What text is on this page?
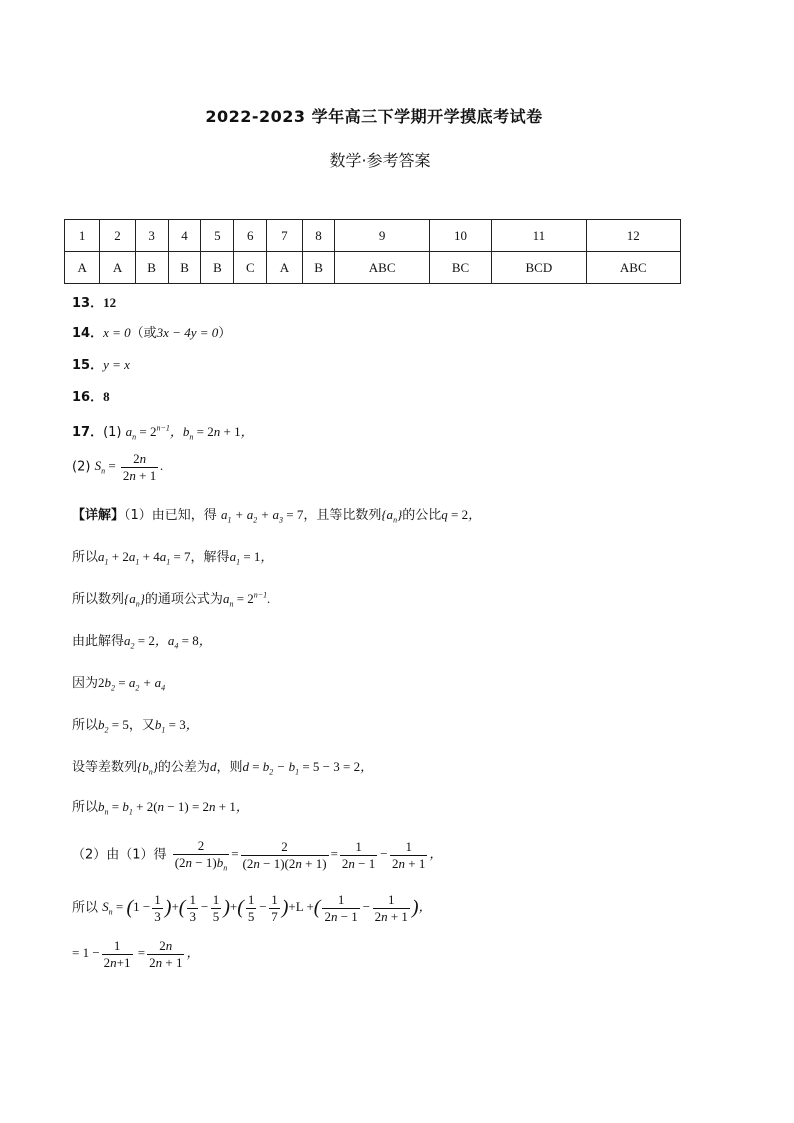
2022-2023 学年高三下学期开学摸底考试卷
数学·参考答案
1	2	3	4	5	6	7	8	9	10	11	12
A	A	B	B	B	C	A	B	ABC	BC	BCD	ABC
13．12
14．x = 0（或3x − 4y = 0）
15．y = x
16．8
17．(1) $a_n = 2^{n-1}$，$b_n = 2n + 1$，
(2) $S_n = \frac{2n}{2n + 1}$ .
【详解】（1）由已知，得 $a_1 + a_2 + a_3 = 7$，且等比数列$\{a_n\}$的公比q = 2，
所以$a_1 + 2a_1 + 4a_1 = 7$，解得$a_1 = 1$，
所以数列$\{a_n\}$的通项公式为$a_n = 2^{n-1}$.
由此解得$a_2 = 2$，$a_4 = 8$，
因为$2b_2 = a_2 + a_4$
所以$b_2 = 5$，又$b_1 = 3$，
设等差数列$\{b_n\}$的公差为d，则$d = b_2 - b_1 = 5 - 3 = 2$，
所以$b_n = b_1 + 2(n - 1) = 2n + 1$，
（2）由（1）得 $\frac{2}{(2n - 1)b_n} = \frac{2}{(2n - 1)(2n + 1)} = \frac{1}{2n - 1} - \frac{1}{2n + 1}$ ，
所以 $S_n = (1 - \frac{1}{3}$ )+( $\frac{1}{3} - \frac{1}{5}$ )+( $\frac{1}{5} - \frac{1}{7} )+L$ +( $\frac{1}{2n - 1} - \frac{1}{2n + 1}$ )，
= $1 - \frac{1}{2n+1} = \frac{2n}{2n + 1}$ ，
